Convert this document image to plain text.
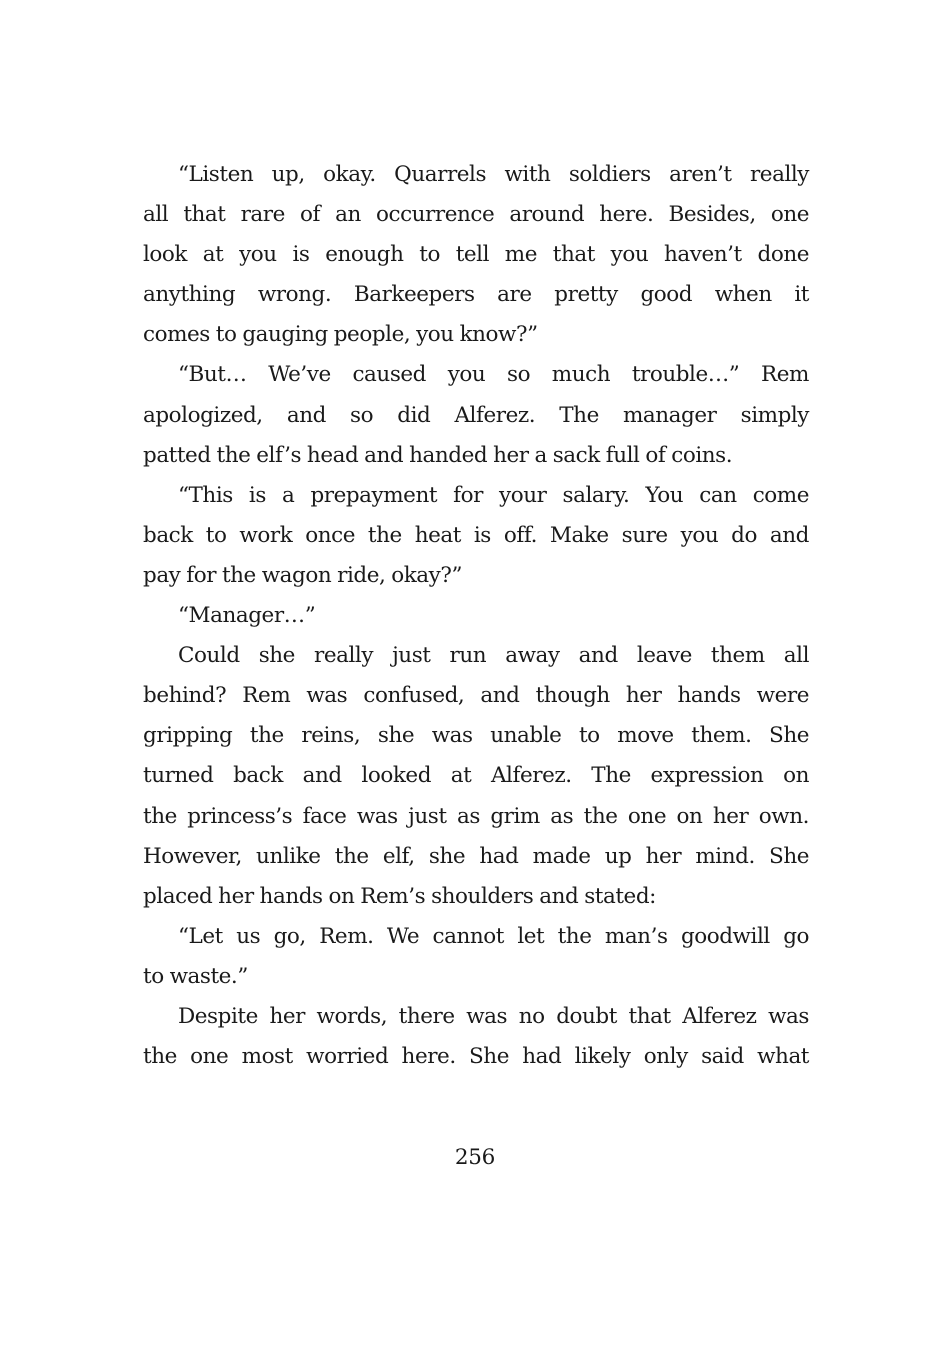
“Listen up, okay. Quarrels with soldiers aren’t really
all that rare of an occurrence around here. Besides, one
look at you is enough to tell me that you haven’t done
anything wrong. Barkeepers are pretty good when it
comes to gauging people, you know?”
“But… We’ve caused you so much trouble…” Rem
apologized, and so did Alferez. The manager simply
patted the elf’s head and handed her a sack full of coins.
“This is a prepayment for your salary. You can come
back to work once the heat is off. Make sure you do and
pay for the wagon ride, okay?”
“Manager…”
Could she really just run away and leave them all
behind? Rem was confused, and though her hands were
gripping the reins, she was unable to move them. She
turned back and looked at Alferez. The expression on
the princess’s face was just as grim as the one on her own.
However, unlike the elf, she had made up her mind. She
placed her hands on Rem’s shoulders and stated:
“Let us go, Rem. We cannot let the man’s goodwill go
to waste.”
Despite her words, there was no doubt that Alferez was
the one most worried here. She had likely only said what
256
